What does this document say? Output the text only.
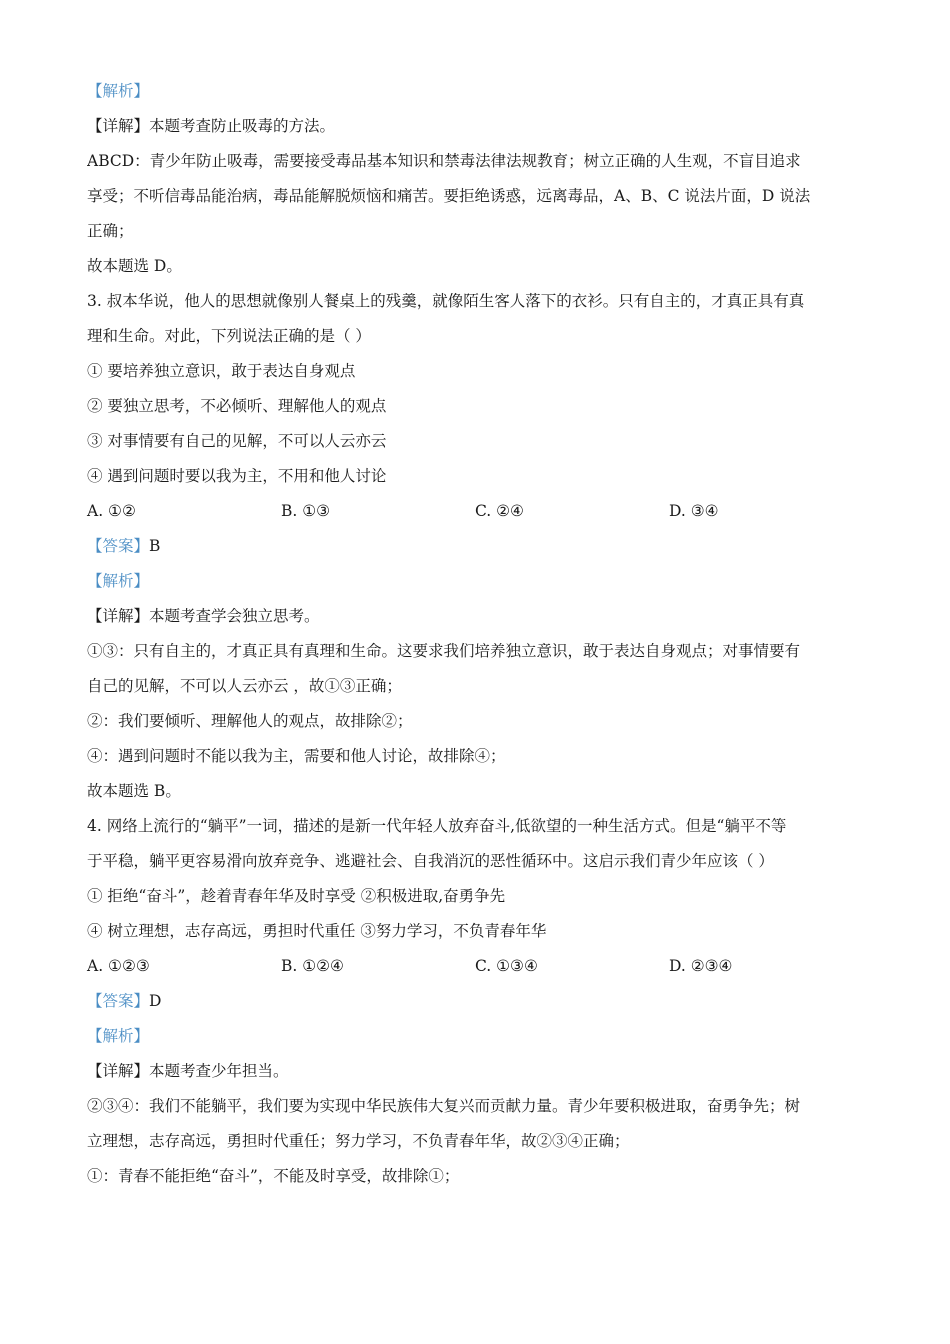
【解析】
【详解】本题考查防止吸毒的方法。
ABCD：青少年防止吸毒，需要接受毒品基本知识和禁毒法律法规教育；树立正确的人生观，不盲目追求
享受；不听信毒品能治病，毒品能解脱烦恼和痛苦。要拒绝诱惑，远离毒品，A、B、C 说法片面，D 说法
正确；
故本题选 D。
3. 叔本华说，他人的思想就像别人餐桌上的残羹，就像陌生客人落下的衣衫。只有自主的，才真正具有真
理和生命。对此，下列说法正确的是（ ）
① 要培养独立意识，敢于表达自身观点
② 要独立思考，不必倾听、理解他人的观点
③ 对事情要有自己的见解，不可以人云亦云
④ 遇到问题时要以我为主，不用和他人讨论
A. ①②	B. ①③	C. ②④	D. ③④
【答案】B
【解析】
【详解】本题考查学会独立思考。
①③：只有自主的，才真正具有真理和生命。这要求我们培养独立意识，敢于表达自身观点；对事情要有
自己的见解，不可以人云亦云 ，故①③正确；
②：我们要倾听、理解他人的观点，故排除②；
④：遇到问题时不能以我为主，需要和他人讨论，故排除④；
故本题选 B。
4. 网络上流行的“躺平”一词，描述的是新一代年轻人放弃奋斗,低欲望的一种生活方式。但是“躺平不等
于平稳，躺平更容易滑向放弃竞争、逃避社会、自我消沉的恶性循环中。这启示我们青少年应该（ ）
① 拒绝“奋斗”，趁着青春年华及时享受 ②积极进取,奋勇争先
④ 树立理想，志存高远，勇担时代重任 ③努力学习，不负青春年华
A. ①②③	B. ①②④	C. ①③④	D. ②③④
【答案】D
【解析】
【详解】本题考查少年担当。
②③④：我们不能躺平，我们要为实现中华民族伟大复兴而贡献力量。青少年要积极进取，奋勇争先；树
立理想，志存高远，勇担时代重任；努力学习，不负青春年华，故②③④正确；
①：青春不能拒绝“奋斗”，不能及时享受，故排除①；
